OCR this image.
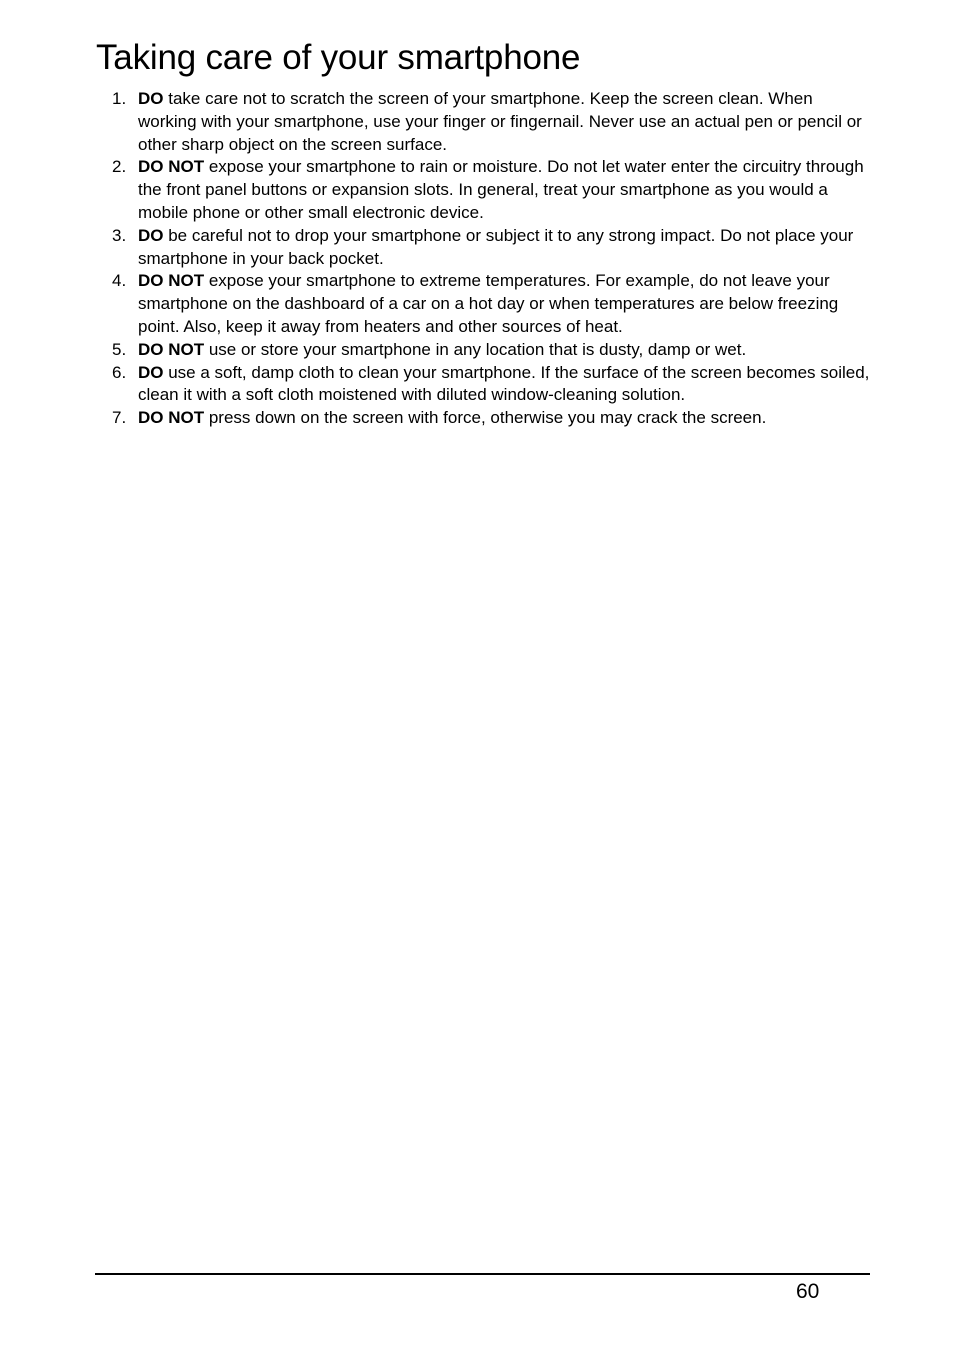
Taking care of your smartphone
1. DO take care not to scratch the screen of your smartphone. Keep the screen clean. When working with your smartphone, use your finger or fingernail. Never use an actual pen or pencil or other sharp object on the screen surface.
2. DO NOT expose your smartphone to rain or moisture. Do not let water enter the circuitry through the front panel buttons or expansion slots. In general, treat your smartphone as you would a mobile phone or other small electronic device.
3. DO be careful not to drop your smartphone or subject it to any strong impact. Do not place your smartphone in your back pocket.
4. DO NOT expose your smartphone to extreme temperatures. For example, do not leave your smartphone on the dashboard of a car on a hot day or when temperatures are below freezing point. Also, keep it away from heaters and other sources of heat.
5. DO NOT use or store your smartphone in any location that is dusty, damp or wet.
6. DO use a soft, damp cloth to clean your smartphone. If the surface of the screen becomes soiled, clean it with a soft cloth moistened with diluted window-cleaning solution.
7. DO NOT press down on the screen with force, otherwise you may crack the screen.
60
